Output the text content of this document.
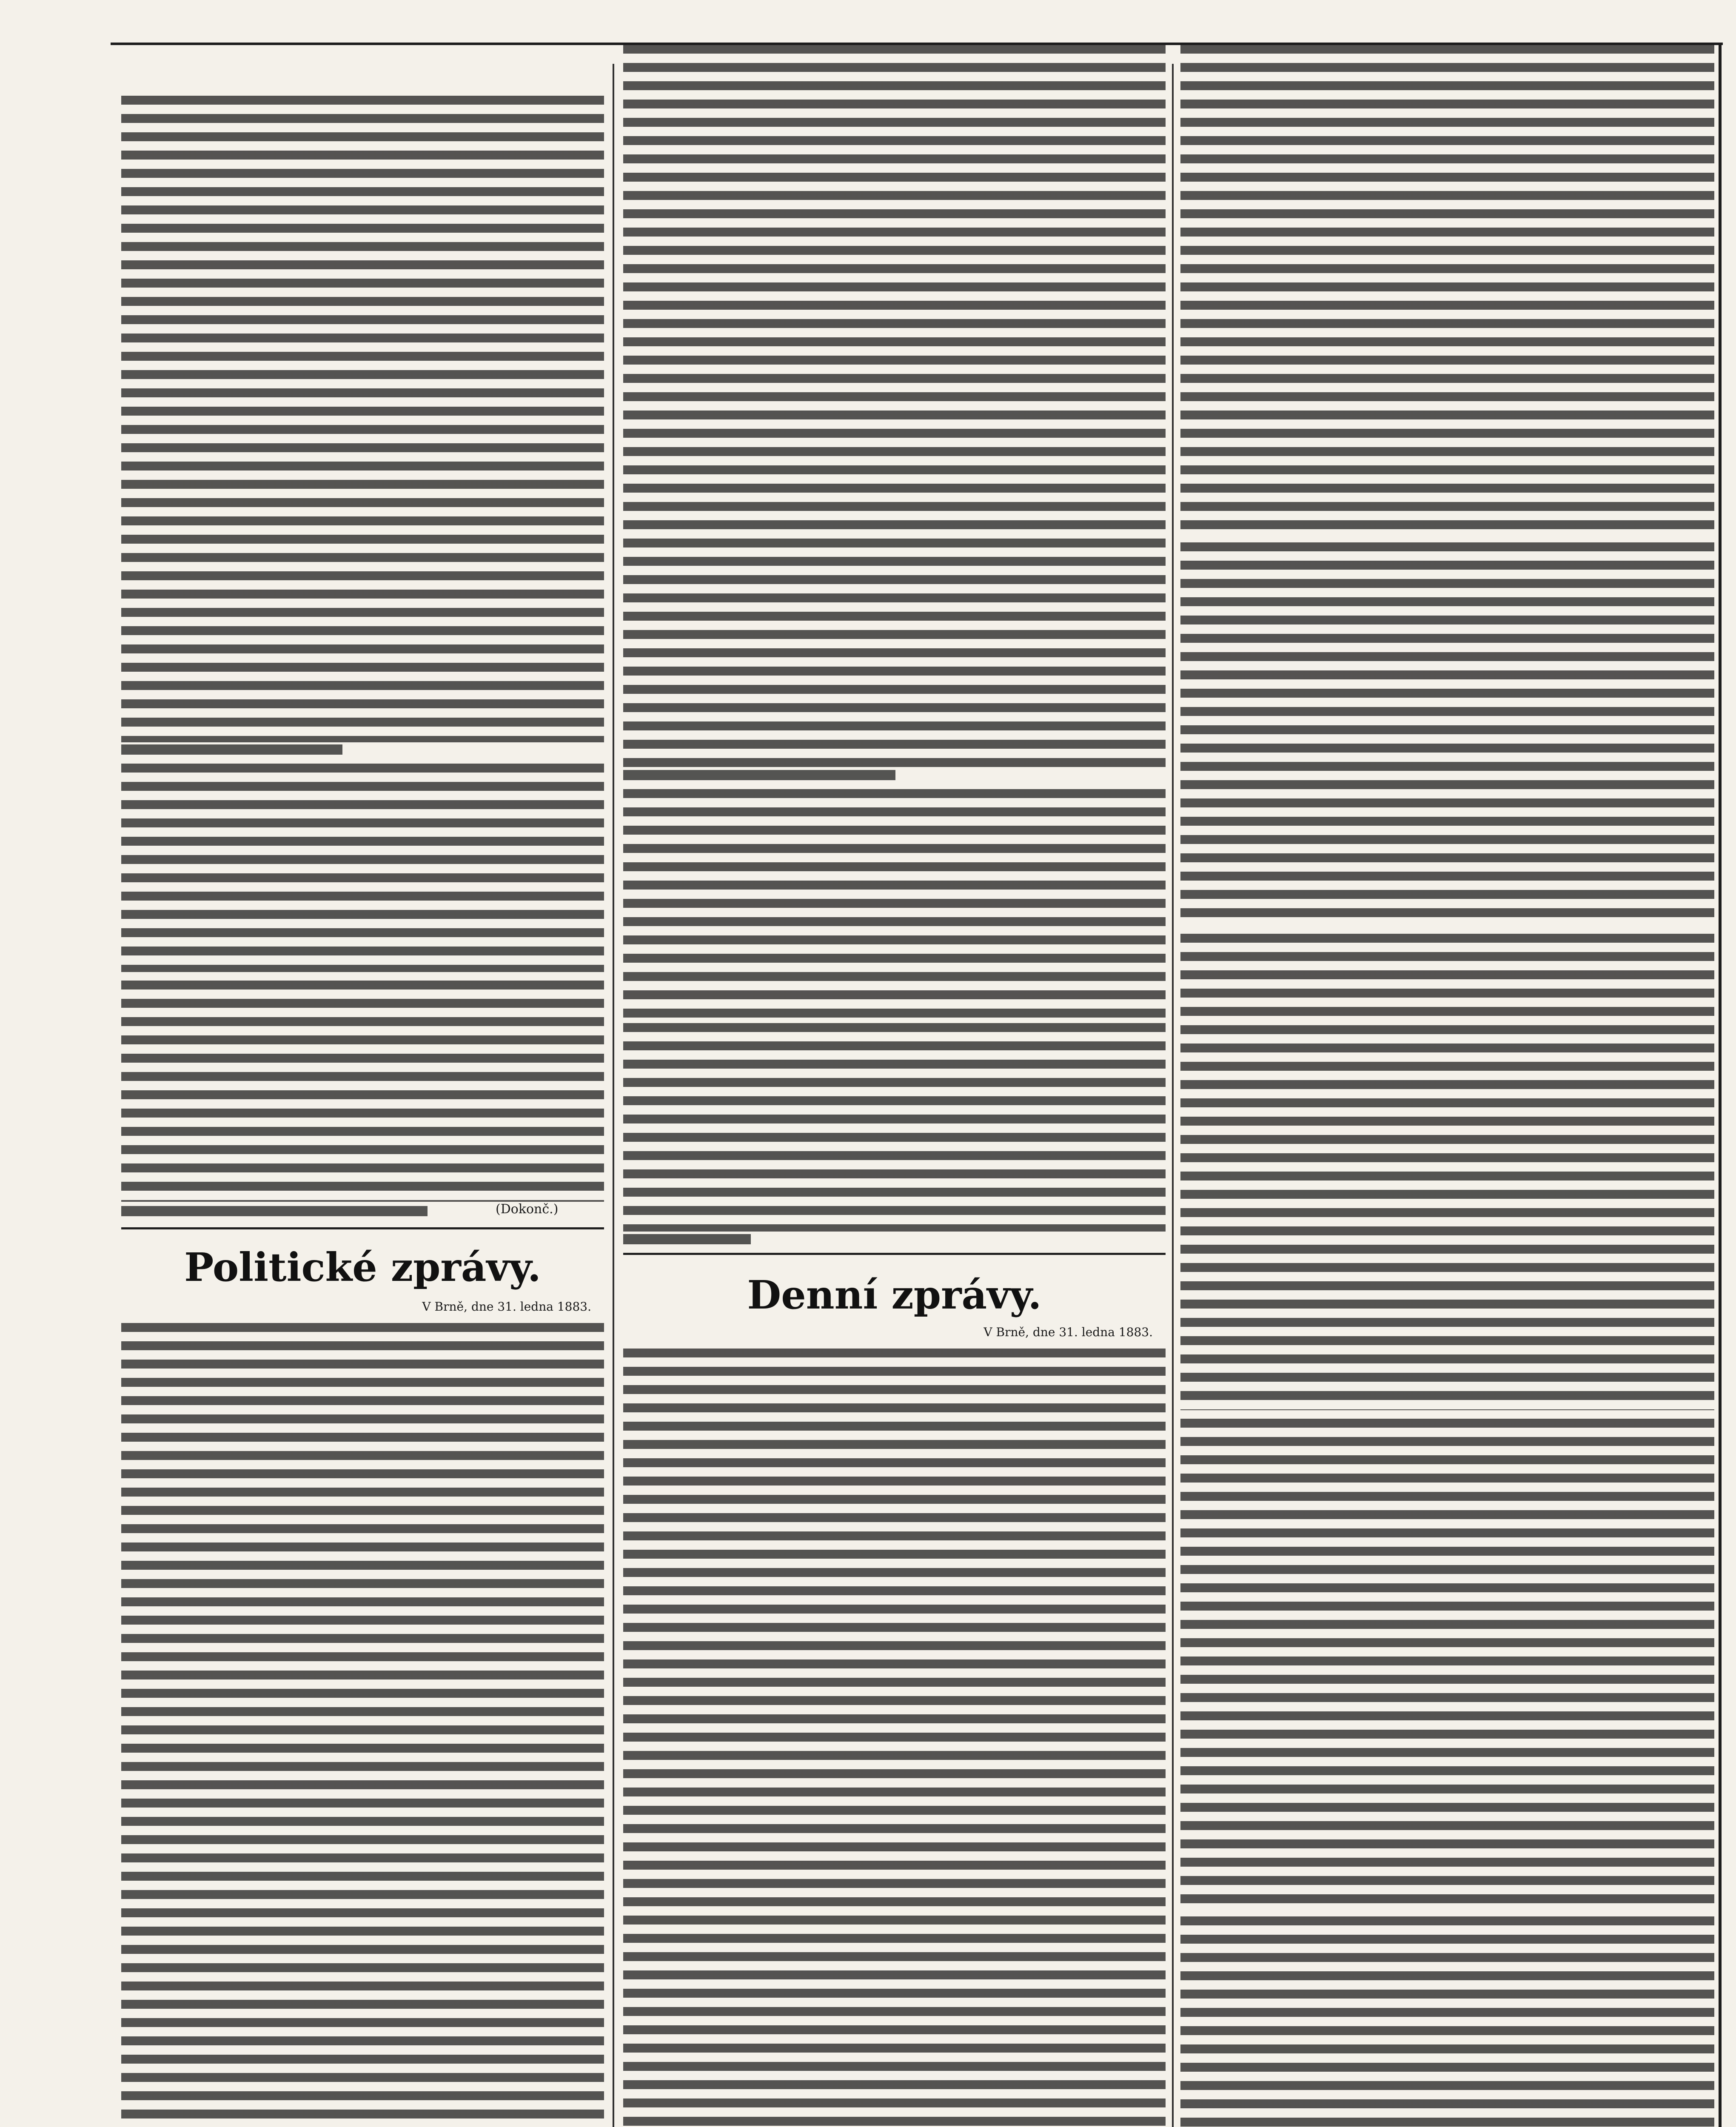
(Dokonč.)
Politické zprávy.
V Brně, dne 31. ledna 1883.	Denní zprávy.
V Brně, dne 31. ledna 1883.
